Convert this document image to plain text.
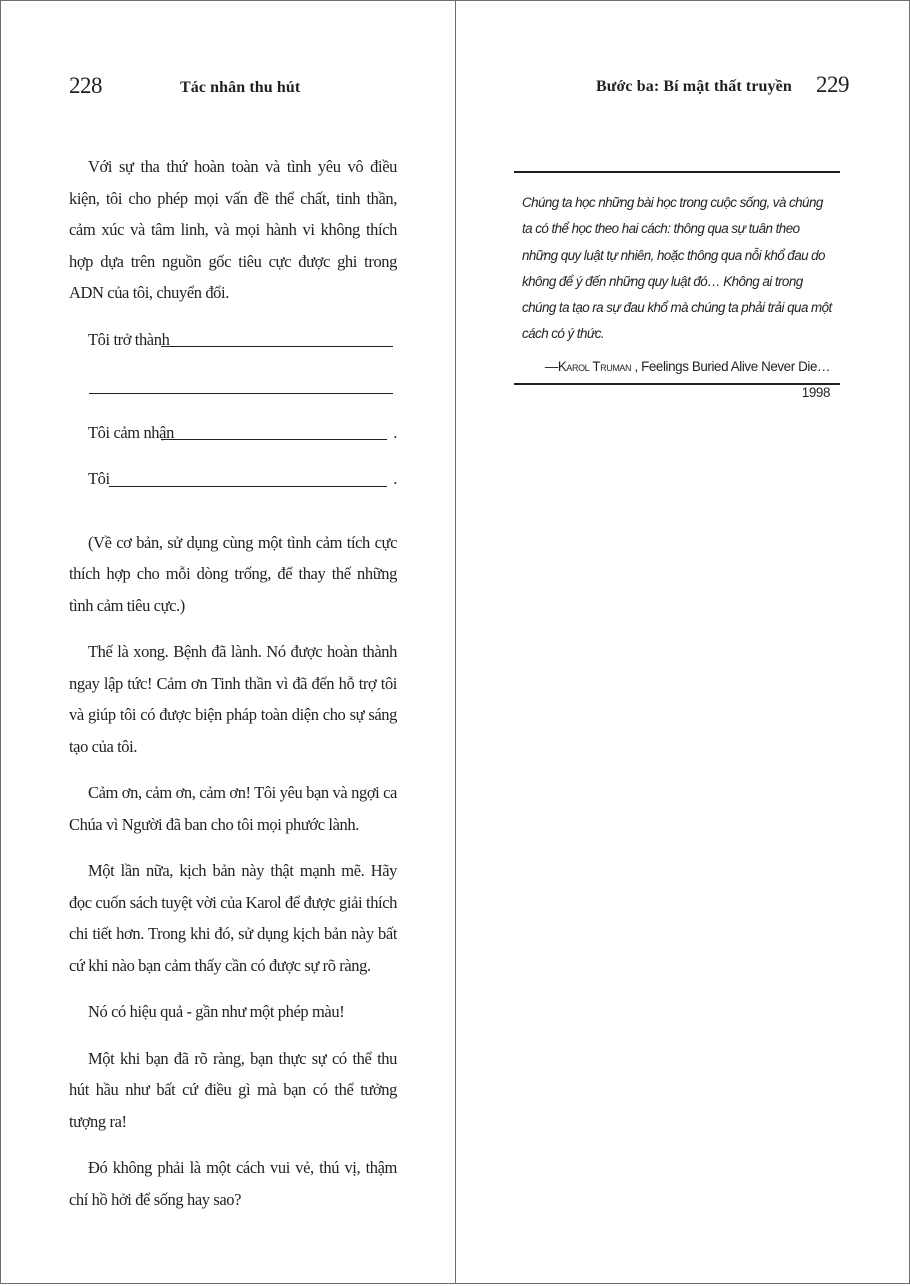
228	Tác nhân thu hút

Với sự tha thứ hoàn toàn và tình yêu vô điều kiện, tôi cho phép mọi vấn đề thể chất, tinh thần, cảm xúc và tâm linh, và mọi hành vi không thích hợp dựa trên nguồn gốc tiêu cực được ghi trong ADN của tôi, chuyển đổi.

Tôi trở thành
Tôi cảm nhận	.
Tôi	.

(Về cơ bản, sử dụng cùng một tình cảm tích cực thích hợp cho mỗi dòng trống, để thay thế những tình cảm tiêu cực.)

Thế là xong. Bệnh đã lành. Nó được hoàn thành ngay lập tức! Cảm ơn Tinh thần vì đã đến hỗ trợ tôi và giúp tôi có được biện pháp toàn diện cho sự sáng tạo của tôi.

Cảm ơn, cảm ơn, cảm ơn! Tôi yêu bạn và ngợi ca Chúa vì Người đã ban cho tôi mọi phước lành.

Một lần nữa, kịch bản này thật mạnh mẽ. Hãy đọc cuốn sách tuyệt vời của Karol để được giải thích chi tiết hơn. Trong khi đó, sử dụng kịch bản này bất cứ khi nào bạn cảm thấy cần có được sự rõ ràng.

Nó có hiệu quả - gần như một phép màu!

Một khi bạn đã rõ ràng, bạn thực sự có thể thu hút hầu như bất cứ điều gì mà bạn có thể tưởng tượng ra!

Đó không phải là một cách vui vẻ, thú vị, thậm chí hồ hởi để sống hay sao?

Bước ba: Bí mật thất truyền 229

Chúng ta học những bài học trong cuộc sống, và chúng ta có thể học theo hai cách: thông qua sự tuân theo những quy luật tự nhiên, hoặc thông qua nỗi khổ đau do không để ý đến những quy luật đó… Không ai trong chúng ta tạo ra sự đau khổ mà chúng ta phải trải qua một cách có ý thức.

—Karol Truman , Feelings Buried Alive Never Die… 1998
